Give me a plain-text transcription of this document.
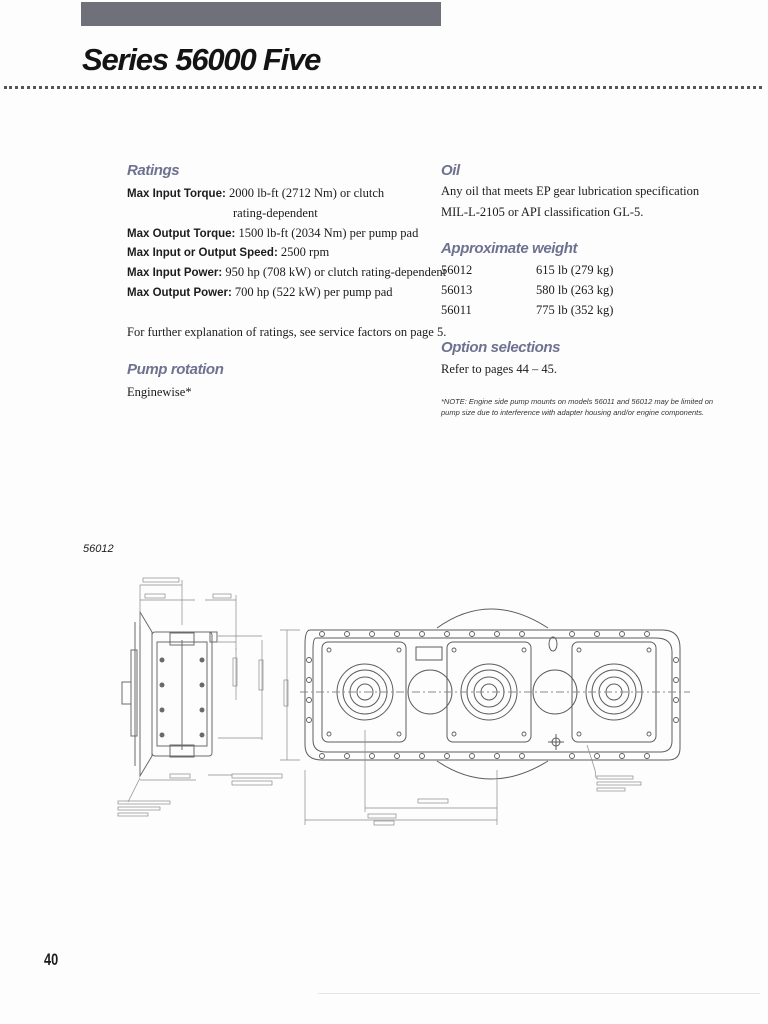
Series 56000 Five
Ratings
Max Input Torque: 2000 lb-ft (2712 Nm) or clutch
rating-dependent
Max Output Torque: 1500 lb-ft (2034 Nm) per pump pad
Max Input or Output Speed: 2500 rpm
Max Input Power: 950 hp (708 kW) or clutch rating-dependent
Max Output Power: 700 hp (522 kW) per pump pad
For further explanation of ratings, see service factors on page 5.
Pump rotation
Enginewise*
Oil
Any oil that meets EP gear lubrication specification
MIL-L-2105 or API classification GL-5.
Approximate weight
56012	615 lb (279 kg)
56013	580 lb (263 kg)
56011	775 lb (352 kg)
Option selections
Refer to pages 44 – 45.
*NOTE: Engine side pump mounts on models 56011 and 56012 may be limited on pump size due to interference with adapter housing and/or engine components.
56012
ENGINE ADAPTER SAE #0,#1,#2 AVAILABLE
PUMP MOUNT SAE "B","C","D" AVAILABLE
40
